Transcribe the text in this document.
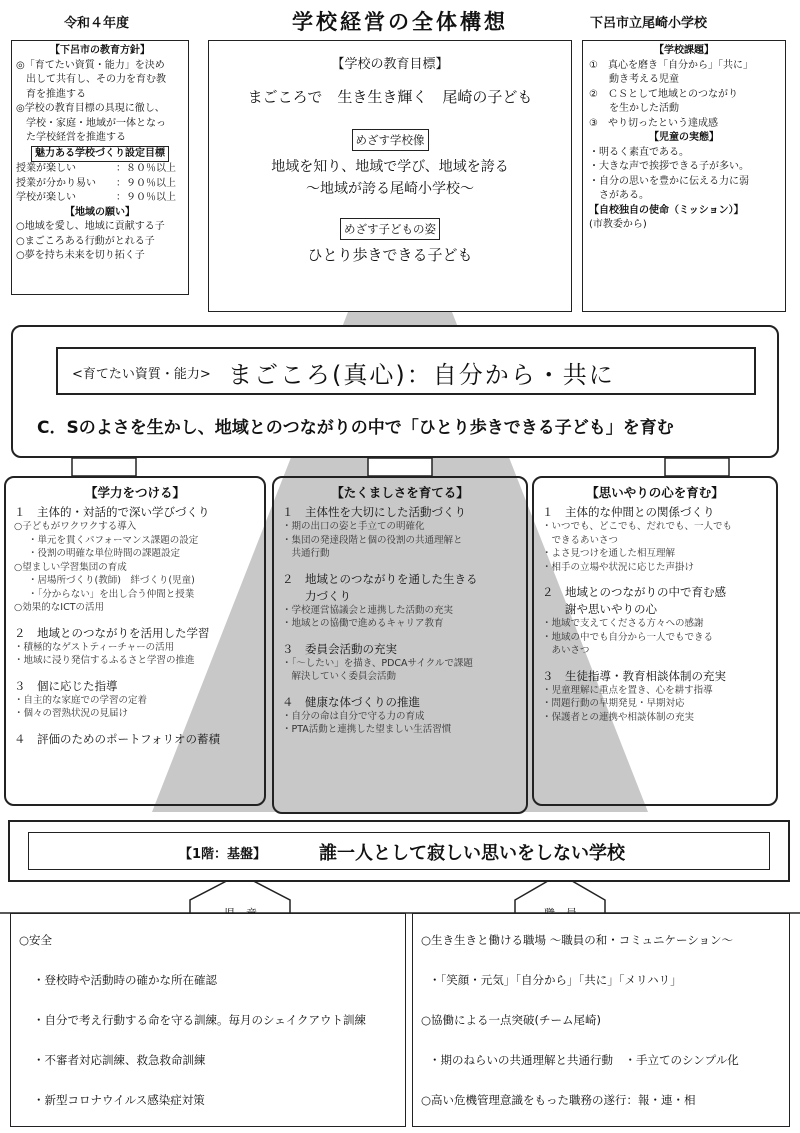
令和４年度	学校経営の全体構想	下呂市立尾崎小学校
【下呂市の教育方針】
◎「育てたい資質・能力」を決め
　出して共有し、その力を育む教
　育を推進する
◎学校の教育目標の具現に徹し、
　学校・家庭・地域が一体となっ
　た学校経営を推進する
魅力ある学校づくり設定目標
授業が楽しい	：８０％以上
授業が分かり易い ：９０％以上
学校が楽しい	：９０％以上
【地域の願い】
○地域を愛し、地域に貢献する子
○まごころある行動がとれる子
○夢を持ち未来を切り拓く子
【学校の教育目標】
まごころで　生き生き輝く　尾崎の子ども
めざす学校像
地域を知り、地域で学び、地域を誇る
～地域が誇る尾崎小学校～
めざす子どもの姿
ひとり歩きできる子ども
【学校課題】
①　真心を磨き「自分から」「共に」
　　動き考える児童
②　ＣＳとして地域とのつながり
　　を生かした活動
③　やり切ったという達成感
【児童の実態】
・明るく素直である。
・大きな声で挨拶できる子が多い。
・自分の思いを豊かに伝える力に弱
　さがある。
【自校独自の使命（ミッション）】
(市教委から)
<育てたい資質・能力> まごころ(真心)：自分から・共に
C．Sのよさを生かし、地域とのつながりの中で「ひとり歩きできる子ども」を育む
【学力をつける】
１　主体的・対話的で深い学びづくり
○子どもがワクワクする導入
・単元を貫くパフォーマンス課題の設定
・役割の明確な単位時間の課題設定
○望ましい学習集団の育成
・居場所づくり(教師)　絆づくり(児童)
・「分からない」を出し合う仲間と授業
○効果的なICTの活用
２　地域とのつながりを活用した学習
・積極的なゲストティーチャーの活用
・地域に浸り発信するふるさと学習の推進
３　個に応じた指導
・自主的な家庭での学習の定着
・個々の習熟状況の見届け
４　評価のためのポートフォリオの蓄積
【たくましさを育てる】
１　主体性を大切にした活動づくり
・期の出口の姿と手立ての明確化
・集団の発達段階と個の役割の共通理解と
　共通行動
２　地域とのつながりを通した生きる
　　力づくり
・学校運営協議会と連携した活動の充実
・地域との協働で進めるキャリア教育
３　委員会活動の充実
・「～したい」を描き、PDCAサイクルで課題
　解決していく委員会活動
４　健康な体づくりの推進
・自分の命は自分で守る力の育成
・PTA活動と連携した望ましい生活習慣
【思いやりの心を育む】
１　主体的な仲間との関係づくり
・いつでも、どこでも、だれでも、一人でも
　できるあいさつ
・よさ見つけを通した相互理解
・相手の立場や状況に応じた声掛け
２　地域とのつながりの中で育む感
　　謝や思いやりの心
・地域で支えてくださる方々への感謝
・地域の中でも自分から一人でもできる
　あいさつ
３　生徒指導・教育相談体制の充実
・児童理解に重点を置き、心を耕す指導
・問題行動の早期発見・早期対応
・保護者との連携や相談体制の充実
【1階：基盤】	誰一人として寂しい思いをしない学校
○安全
・登校時や活動時の確かな所在確認
・自分で考え行動する命を守る訓練。毎月のシェイクアウト訓練
・不審者対応訓練、救急救命訓練
・新型コロナウイルス感染症対策
○生き生きと働ける職場 ～職員の和・コミュニケーション～
・「笑顔・元気」「自分から」「共に」「メリハリ」
○協働による一点突破(チーム尾崎)
・期のねらいの共通理解と共通行動　・手立てのシンプル化
○高い危機管理意識をもった職務の遂行：報・連・相
